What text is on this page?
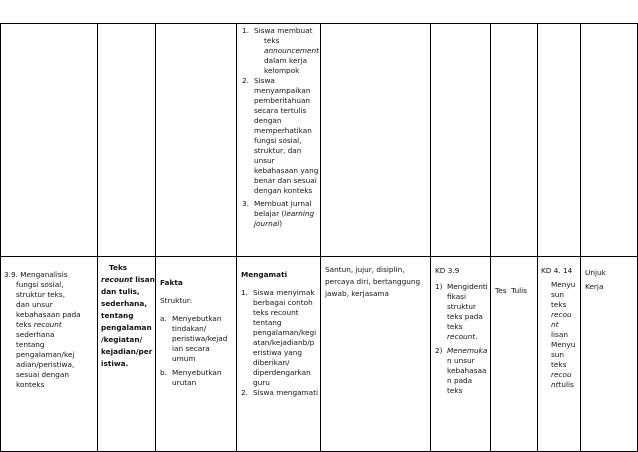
1. Siswa membuat
teks
announcement
dalam kerja
kelompok
2. Siswa
menyampaikan
pemberitahuan
secara tertulis
dengan
memperhatikan
fungsi sosial,
struktur, dan
unsur
kebahasaan yang
benar dan sesuai
dengan konteks
3. Membuat jurnal
belajar (learning
journal)
3.9. Menganalisis
fungsi sosial,
struktur teks,
dan unsur
kebahasaan pada
teks recount
sederhana
tentang
pengalaman/kej
adian/peristiwa,
sesuai dengan
konteks
Teks
recount lisan
dan tulis,
sederhana,
tentang
pengalaman
/kegiatan/
kejadian/per
istiwa.
Fakta
Struktur:
a. Menyebutkan
tindakan/
peristiwa/kejad
ian secara
umum
b. Menyebutkan
urutan
Mengamati
1. Siswa menyimak
berbagai contoh
teks recount
tentang
pengalaman/kegi
atan/kejadianb/p
eristiwa yang
diberikan/
diperdengarkan
guru
2. Siswa mengamati
Santun, jujur, disiplin,
percaya diri, bertanggung
jawab, kerjasama
KD 3.9
1) Mengidenti
fikasi
struktur
teks pada
teks
recount.
2) Menemuka
n unsur
kebahasaa
n pada
teks

Tes  Tulis

KD 4. 14
Menyu
sun
teks
recou
nt
lisan
Menyu
sun
teks
recou
nttulis
Unjuk
Kerja
